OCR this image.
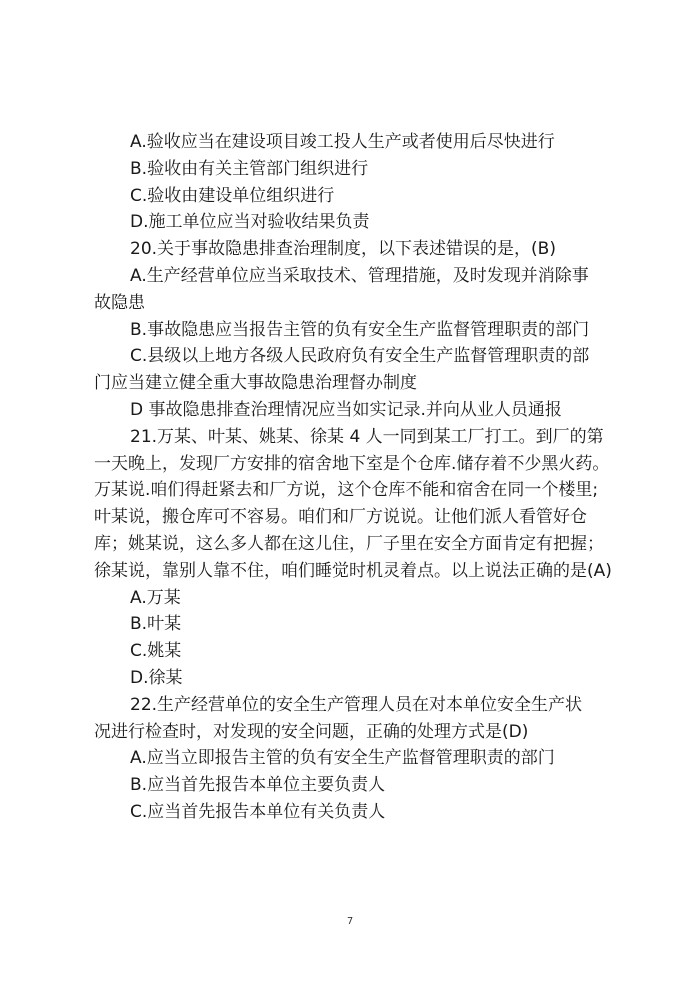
A.验收应当在建设项目竣工投人生产或者使用后尽快进行
B.验收由有关主管部门组织进行
C.验收由建设单位组织进行
D.施工单位应当对验收结果负责
20.关于事故隐患排查治理制度，以下表述错误的是，(B)
A.生产经营单位应当采取技术、管理措施，及时发现并消除事
故隐患
B.事故隐患应当报告主管的负有安全生产监督管理职责的部门
C.县级以上地方各级人民政府负有安全生产监督管理职责的部
门应当建立健全重大事故隐患治理督办制度
D 事故隐患排查治理情况应当如实记录.并向从业人员通报
21.万某、叶某、姚某、徐某 4 人一同到某工厂打工。到厂的第
一天晚上，发现厂方安排的宿舍地下室是个仓库.储存着不少黑火药。
万某说.咱们得赶紧去和厂方说，这个仓库不能和宿舍在同一个楼里;
叶某说，搬仓库可不容易。咱们和厂方说说。让他们派人看管好仓
库；姚某说，这么多人都在这儿住，厂子里在安全方面肯定有把握；
徐某说，靠别人靠不住，咱们睡觉时机灵着点。以上说法正确的是(A)
A.万某
B.叶某
C.姚某
D.徐某
22.生产经营单位的安全生产管理人员在对本单位安全生产状
况进行检查时，对发现的安全问题，正确的处理方式是(D)
A.应当立即报告主管的负有安全生产监督管理职责的部门
B.应当首先报告本单位主要负责人
C.应当首先报告本单位有关负责人
7
